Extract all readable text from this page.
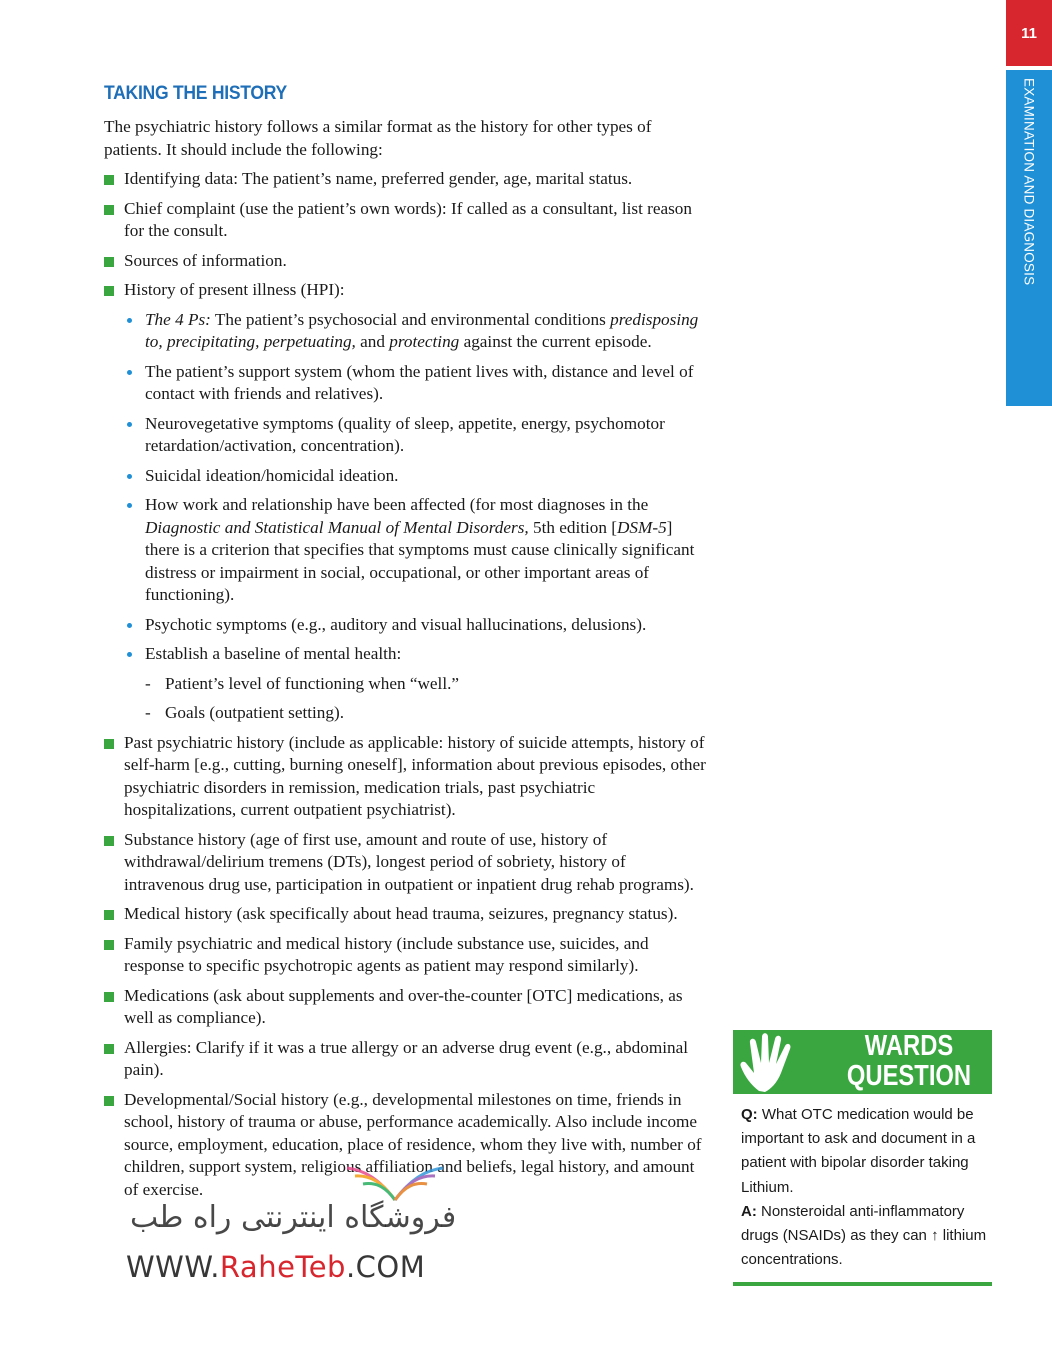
11
EXAMINATION AND DIAGNOSIS
TAKING THE HISTORY

The psychiatric history follows a similar format as the history for other types of patients. It should include the following:

Identifying data: The patient’s name, preferred gender, age, marital status.
Chief complaint (use the patient’s own words): If called as a consultant, list reason for the consult.
Sources of information.
History of present illness (HPI):
The 4 Ps: The patient’s psychosocial and environmental conditions predisposing to, precipitating, perpetuating, and protecting against the current episode.
The patient’s support system (whom the patient lives with, distance and level of contact with friends and relatives).
Neurovegetative symptoms (quality of sleep, appetite, energy, psychomotor retardation/activation, concentration).
Suicidal ideation/homicidal ideation.
How work and relationship have been affected (for most diagnoses in the Diagnostic and Statistical Manual of Mental Disorders, 5th edition [DSM-5] there is a criterion that specifies that symptoms must cause clinically significant distress or impairment in social, occupational, or other important areas of functioning).
Psychotic symptoms (e.g., auditory and visual hallucinations, delusions).
Establish a baseline of mental health:
- Patient’s level of functioning when “well.”
- Goals (outpatient setting).
Past psychiatric history (include as applicable: history of suicide attempts, history of self-harm [e.g., cutting, burning oneself], information about previous episodes, other psychiatric disorders in remission, medication trials, past psychiatric hospitalizations, current outpatient psychiatrist).
Substance history (age of first use, amount and route of use, history of withdrawal/delirium tremens (DTs), longest period of sobriety, history of intravenous drug use, participation in outpatient or inpatient drug rehab programs).
Medical history (ask specifically about head trauma, seizures, pregnancy status).
Family psychiatric and medical history (include substance use, suicides, and response to specific psychotropic agents as patient may respond similarly).
Medications (ask about supplements and over-the-counter [OTC] medications, as well as compliance).
Allergies: Clarify if it was a true allergy or an adverse drug event (e.g., abdominal pain).
Developmental/Social history (e.g., developmental milestones on time, friends in school, history of trauma or abuse, performance academically. Also include income source, employment, education, place of residence, whom they live with, number of children, support system, religious affiliation and beliefs, legal history, and amount of exercise.
WARDS
QUESTION

Q: What OTC medication would be important to ask and document in a patient with bipolar disorder taking Lithium.

A: Nonsteroidal anti-inflammatory drugs (NSAIDs) as they can ↑ lithium concentrations.

فروشگاه اینترنتی راه طب
WWW.RaheTeb.COM
